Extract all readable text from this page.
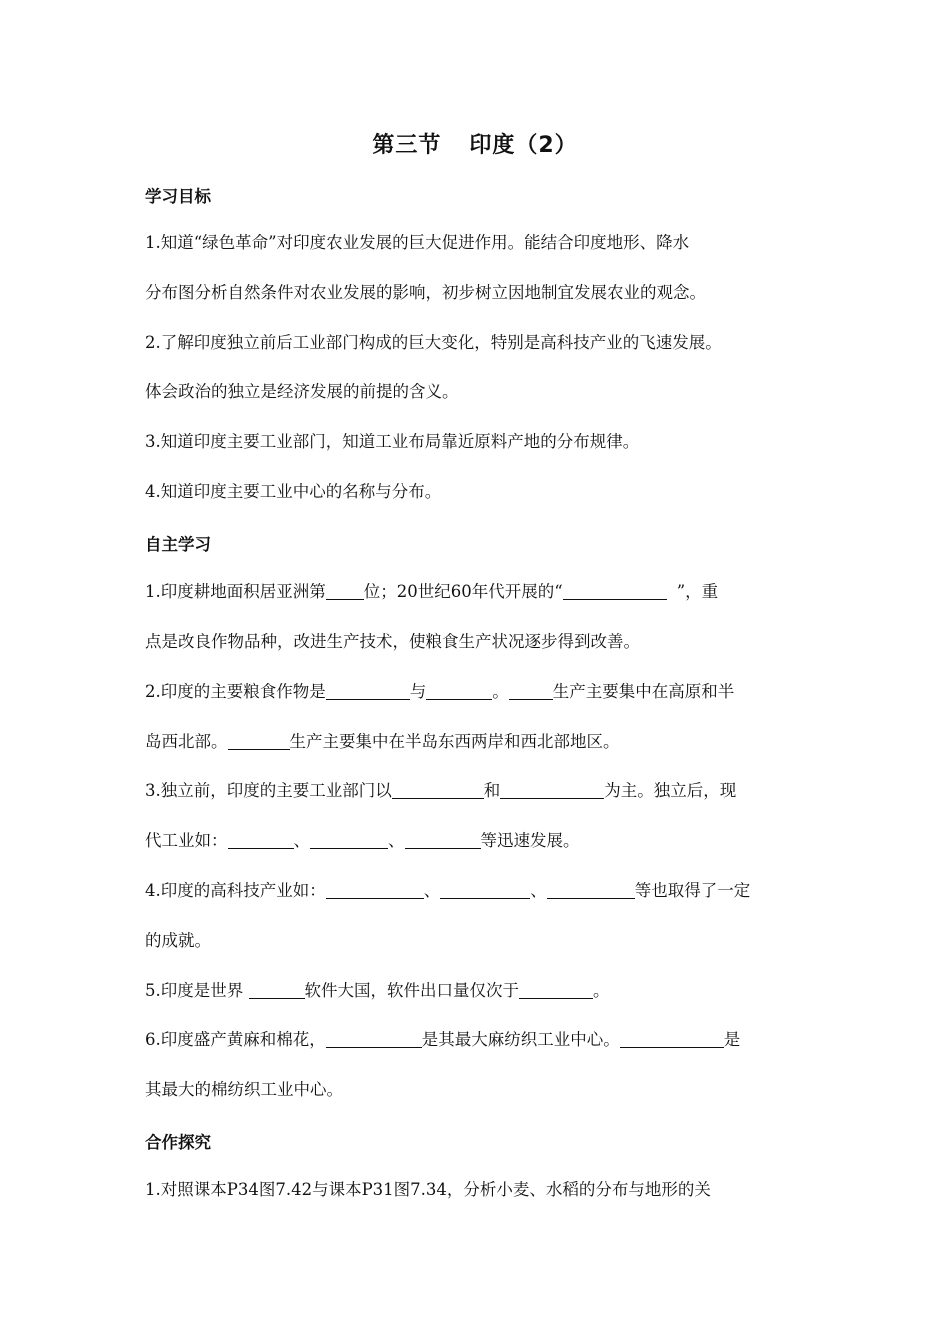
第三节 印度（2）
学习目标
1.知道“绿色革命”对印度农业发展的巨大促进作用。能结合印度地形、降水
分布图分析自然条件对农业发展的影响，初步树立因地制宜发展农业的观念。
2.了解印度独立前后工业部门构成的巨大变化，特别是高科技产业的飞速发展。
体会政治的独立是经济发展的前提的含义。
3.知道印度主要工业部门，知道工业布局靠近原料产地的分布规律。
4.知道印度主要工业中心的名称与分布。
自主学习
1.印度耕地面积居亚洲第 位；20世纪60年代开展的“	”，重
点是改良作物品种，改进生产技术，使粮食生产状况逐步得到改善。
2.印度的主要粮食作物是	与	。	生产主要集中在高原和半
岛西北部。	生产主要集中在半岛东西两岸和西北部地区。
3.独立前，印度的主要工业部门以	和	为主。独立后，现
代工业如：	、	、	等迅速发展。
4.印度的高科技产业如：	、	、	等也取得了一定
的成就。
5.印度是世界	软件大国，软件出口量仅次于	。
6.印度盛产黄麻和棉花，	是其最大麻纺织工业中心。	是
其最大的棉纺织工业中心。
合作探究
1.对照课本P34图7.42与课本P31图7.34，分析小麦、水稻的分布与地形的关
